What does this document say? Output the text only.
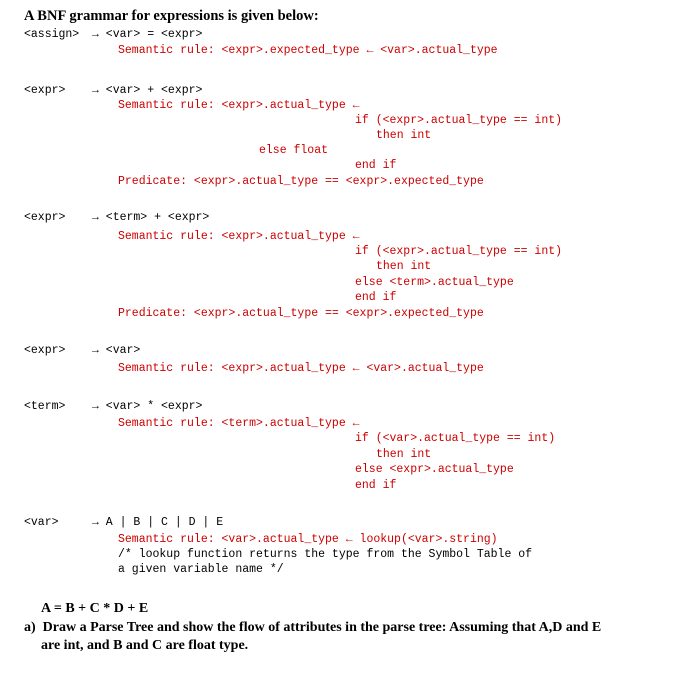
A BNF grammar for expressions is given below:
<assign> → <var> = <expr>
Semantic rule: <expr>.expected_type ← <var>.actual_type
<expr> → <var> + <expr>
Semantic rule: <expr>.actual_type ←
if (<expr>.actual_type == int)
then int
else float
end if
Predicate: <expr>.actual_type == <expr>.expected_type
<expr> → <term> + <expr>
Semantic rule: <expr>.actual_type ←
if (<expr>.actual_type == int)
then int
else <term>.actual_type
end if
Predicate: <expr>.actual_type == <expr>.expected_type
<expr> → <var>
Semantic rule: <expr>.actual_type ← <var>.actual_type
<term> → <var> * <expr>
Semantic rule: <term>.actual_type ←
if (<var>.actual_type == int)
then int
else <expr>.actual_type
end if
<var>	→ A | B | C | D | E
Semantic rule: <var>.actual_type ← lookup(<var>.string)
/* lookup function returns the type from the Symbol Table of
a given variable name */
A = B + C * D + E
a)  Draw a Parse Tree and show the flow of attributes in the parse tree: Assuming that A,D and E
are int, and B and C are float type.
